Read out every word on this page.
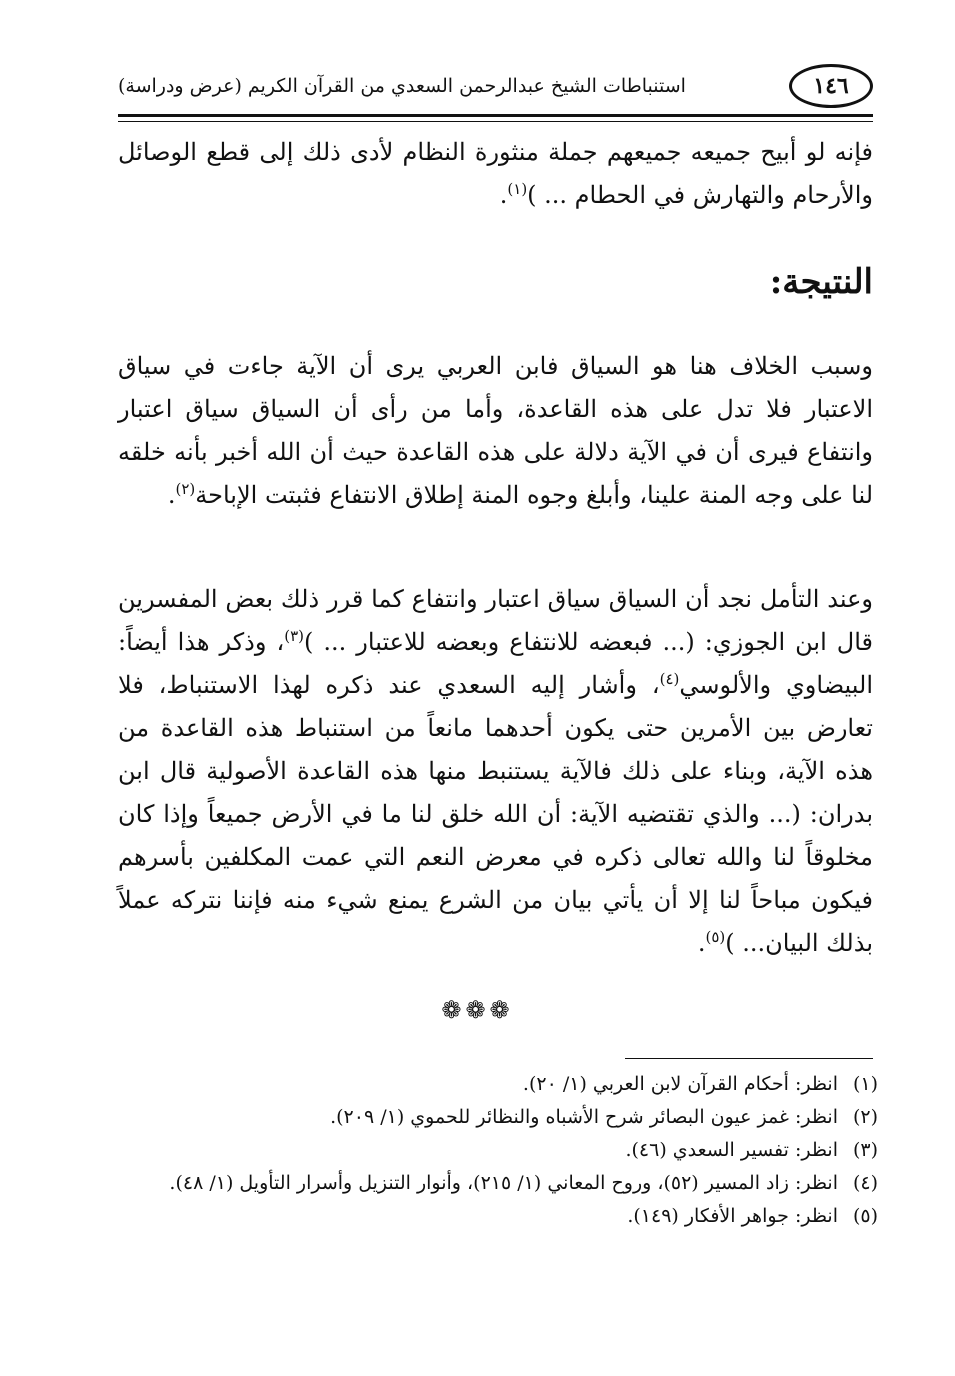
استنباطات الشيخ عبدالرحمن السعدي من القرآن الكريم (عرض ودراسة)	١٤٦

فإنه لو أبيح جميعه جميعهم جملة منثورة النظام لأدى ذلك إلى قطع الوصائل والأرحام والتهارش في الحطام ... )$^{(١)}$.

النتيجة:

وسبب الخلاف هنا هو السياق فابن العربي يرى أن الآية جاءت في سياق الاعتبار فلا تدل على هذه القاعدة، وأما من رأى أن السياق سياق اعتبار وانتفاع فيرى أن في الآية دلالة على هذه القاعدة حيث أن الله أخبر بأنه خلقه لنا على وجه المنة علينا، وأبلغ وجوه المنة إطلاق الانتفاع فثبتت الإباحة$^{(٢)}$.

وعند التأمل نجد أن السياق سياق اعتبار وانتفاع كما قرر ذلك بعض المفسرين قال ابن الجوزي: (... فبعضه للانتفاع وبعضه للاعتبار ... )$^{(٣)}$، وذكر هذا أيضاً: البيضاوي والألوسي$^{(٤)}$، وأشار إليه السعدي عند ذكره لهذا الاستنباط، فلا تعارض بين الأمرين حتى يكون أحدهما مانعاً من استنباط هذه القاعدة من هذه الآية، وبناء على ذلك فالآية يستنبط منها هذه القاعدة الأصولية قال ابن بدران: (... والذي تقتضيه الآية: أن الله خلق لنا ما في الأرض جميعاً وإذا كان مخلوقاً لنا والله تعالى ذكره في معرض النعم التي عمت المكلفين بأسرهم فيكون مباحاً لنا إلا أن يأتي بيان من الشرع يمنع شيء منه فإننا نتركه عملاً بذلك البيان... )$^{(٥)}$.

❁❁❁
(١)
انظر: أحكام القرآن لابن العربي (١/ ٢٠).
(٢)
انظر: غمز عيون البصائر شرح الأشباه والنظائر للحموي (١/ ٢٠٩).
(٣)
انظر: تفسير السعدي (٤٦).
(٤)
انظر: زاد المسير (٥٢)، وروح المعاني (١/ ٢١٥)، وأنوار التنزيل وأسرار التأويل (١/ ٤٨).
(٥)
انظر: جواهر الأفكار (١٤٩).
